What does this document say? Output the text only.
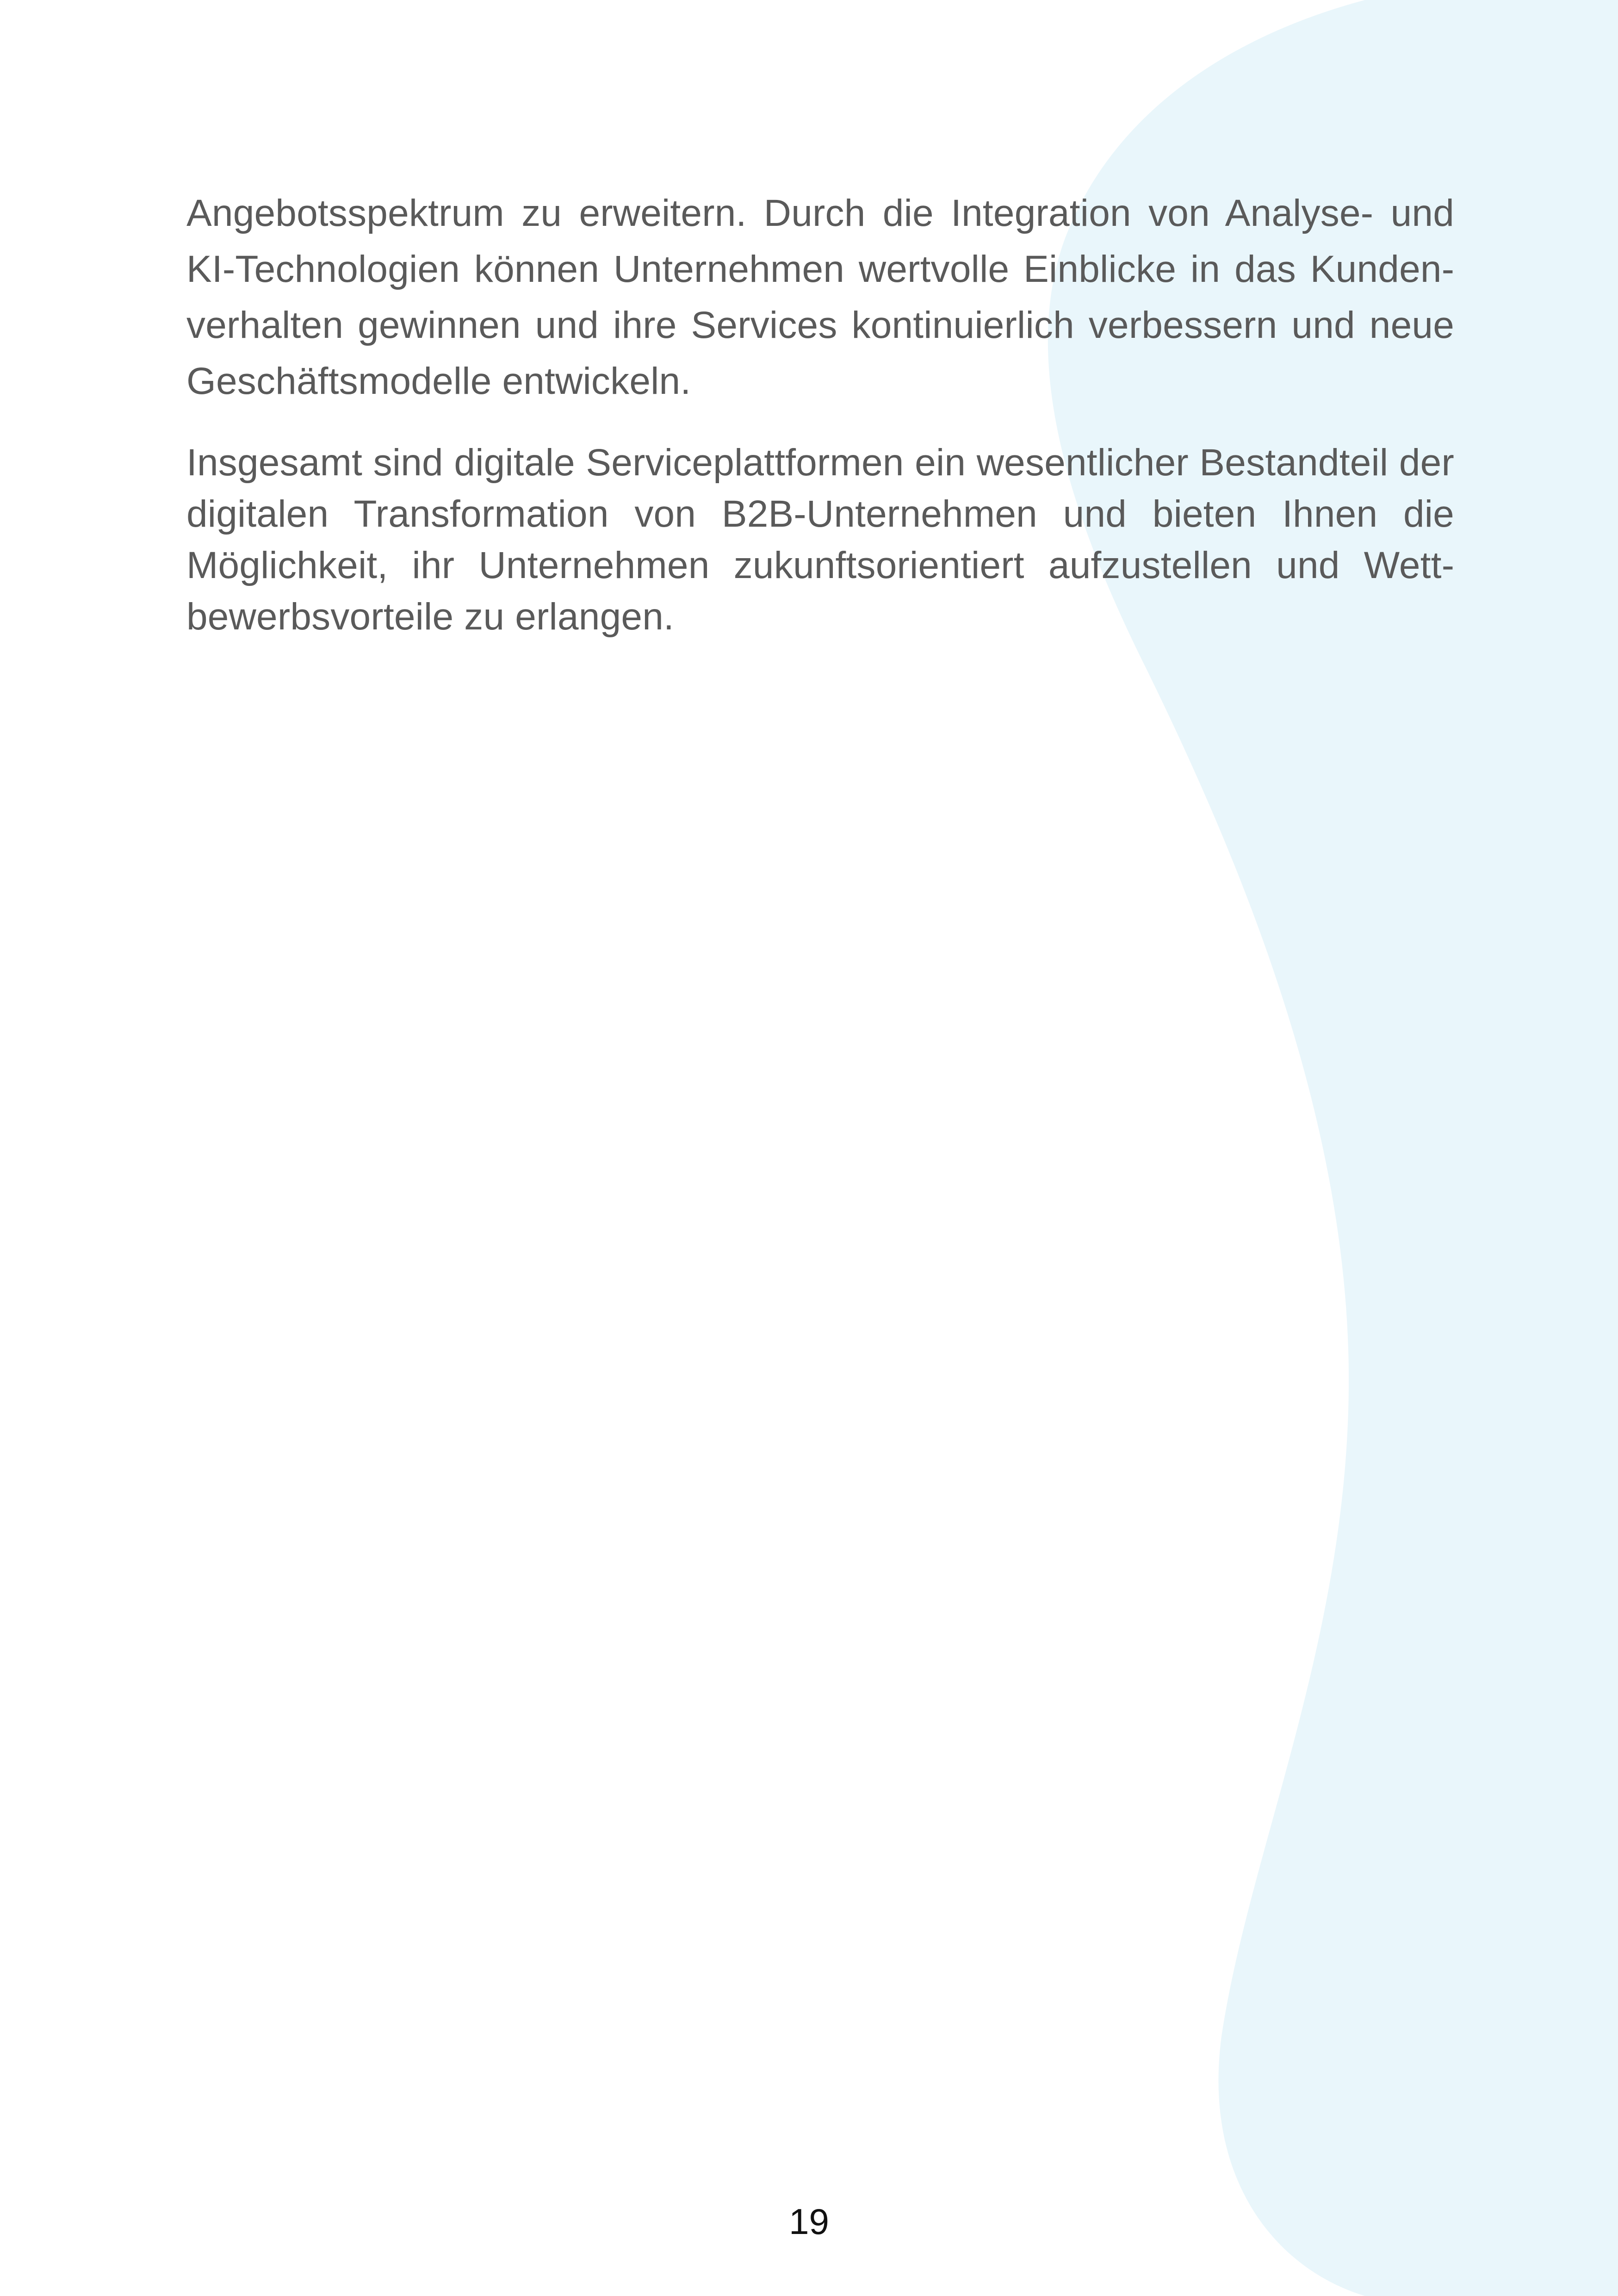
Angebotsspektrum zu erweitern. Durch die Integration von Analyse- und KI-Technologien können Unternehmen wertvolle Einblicke in das Kundenverhalten gewinnen und ihre Services kontinuierlich verbessern und neue Geschäftsmodelle entwickeln.

Insgesamt sind digitale Serviceplattformen ein wesentlicher Bestandteil der digitalen Transformation von B2B-Unternehmen und bieten Ihnen die Möglichkeit, ihr Unternehmen zukunftsorientiert aufzustellen und Wettbewerbsvorteile zu erlangen.

19
